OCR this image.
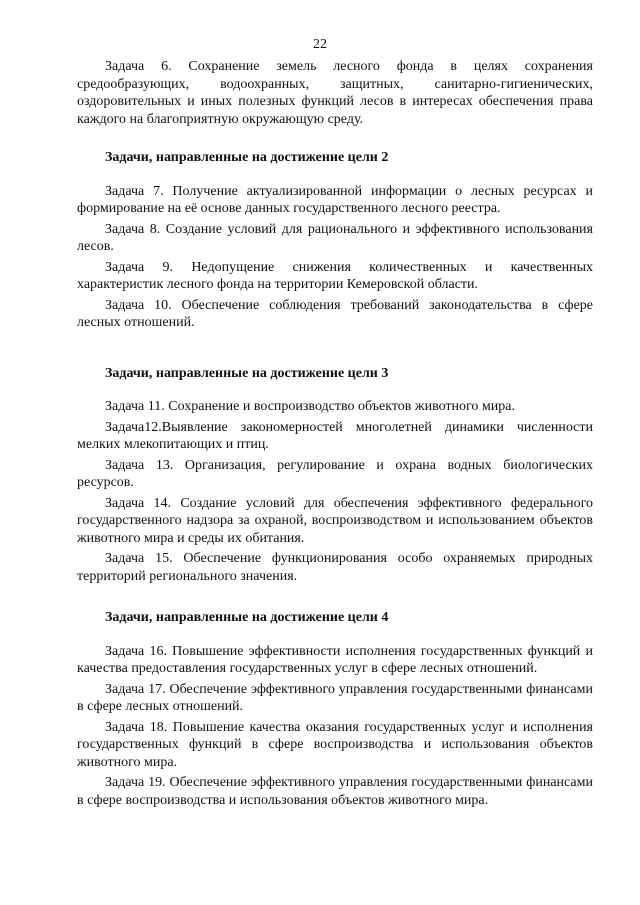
22

Задача 6. Сохранение земель лесного фонда в целях сохранения средообразующих, водоохранных, защитных, санитарно-гигиенических, оздоровительных и иных полезных функций лесов в интересах обеспечения права каждого на благоприятную окружающую среду.

Задачи, направленные на достижение цели 2

Задача 7. Получение актуализированной информации о лесных ресурсах и формирование на её основе данных государственного лесного реестра.

Задача 8. Создание условий для рационального и эффективного использования лесов.

Задача 9. Недопущение снижения количественных и качественных характеристик лесного фонда на территории Кемеровской области.

Задача 10. Обеспечение соблюдения требований законодательства в сфере лесных отношений.

Задачи, направленные на достижение цели 3

Задача 11. Сохранение и воспроизводство объектов животного мира.

Задача12.Выявление закономерностей многолетней динамики численности мелких млекопитающих и птиц.

Задача 13. Организация, регулирование и охрана водных биологических ресурсов.

Задача 14. Создание условий для обеспечения эффективного федерального государственного надзора за охраной, воспроизводством и использованием объектов животного мира и среды их обитания.

Задача 15. Обеспечение функционирования особо охраняемых природных территорий регионального значения.

Задачи, направленные на достижение цели 4

Задача 16. Повышение эффективности исполнения государственных функций и качества предоставления государственных услуг в сфере лесных отношений.

Задача 17. Обеспечение эффективного управления государственными финансами в сфере лесных отношений.

Задача 18. Повышение качества оказания государственных услуг и исполнения государственных функций в сфере воспроизводства и использования объектов животного мира.

Задача 19. Обеспечение эффективного управления государственными финансами в сфере воспроизводства и использования объектов животного мира.
